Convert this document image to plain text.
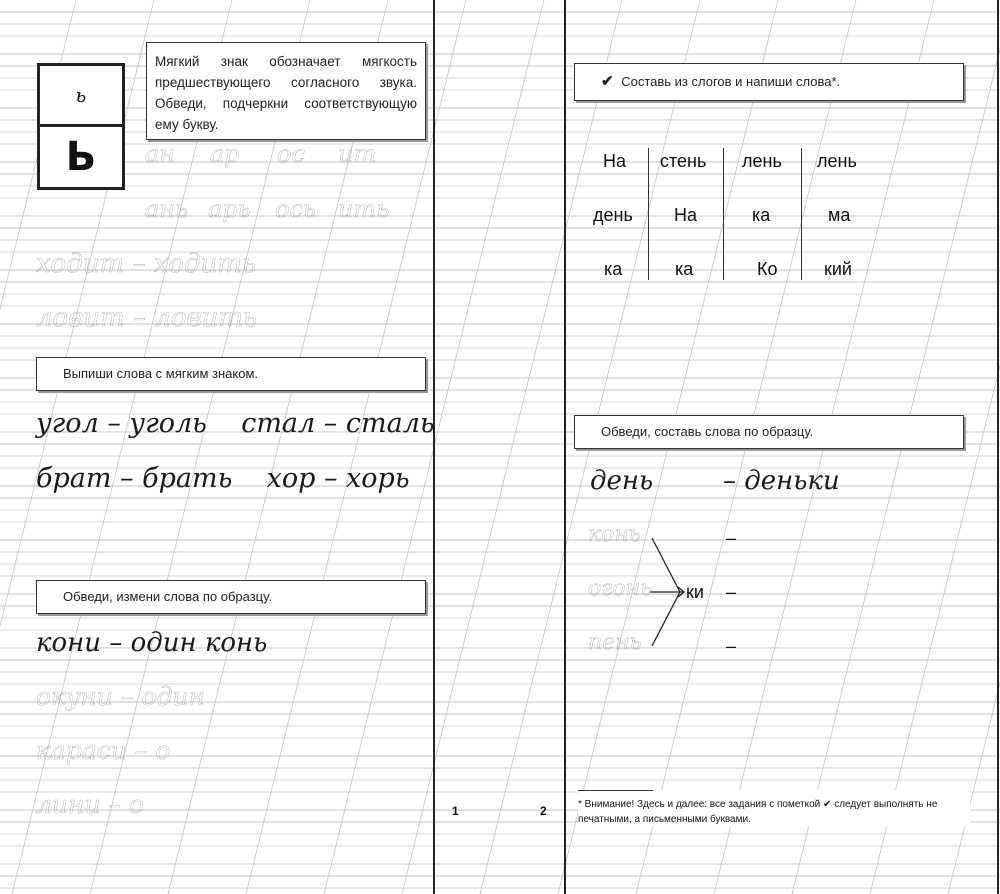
ь
Ь
Мягкий знак обозначает мягкость предшествующего согласного звука. Обведи, подчеркни соответствующую ему букву.
ан ар ос ит
ань арь ось ить
ходит – ходить
ловит – ловить
Выпиши слова с мягким знаком.
угол – уголь    стал – сталь
брат – брать    хор – хорь
Обведи, измени слова по образцу.
кони – один конь
окуни – один
караси – о
лини – о	1	2
✔ Составь из слогов и напиши слова*.
На стень лень лень
день На	ка	ма
ка	ка	Ко	кий
Обведи, составь слова по образцу.
день	– деньки
конь
огонь
пень
ки
–
–
–
* Внимание! Здесь и далее: все задания с пометкой ✔ следует выполнять не печатными, а письменными буквами.
